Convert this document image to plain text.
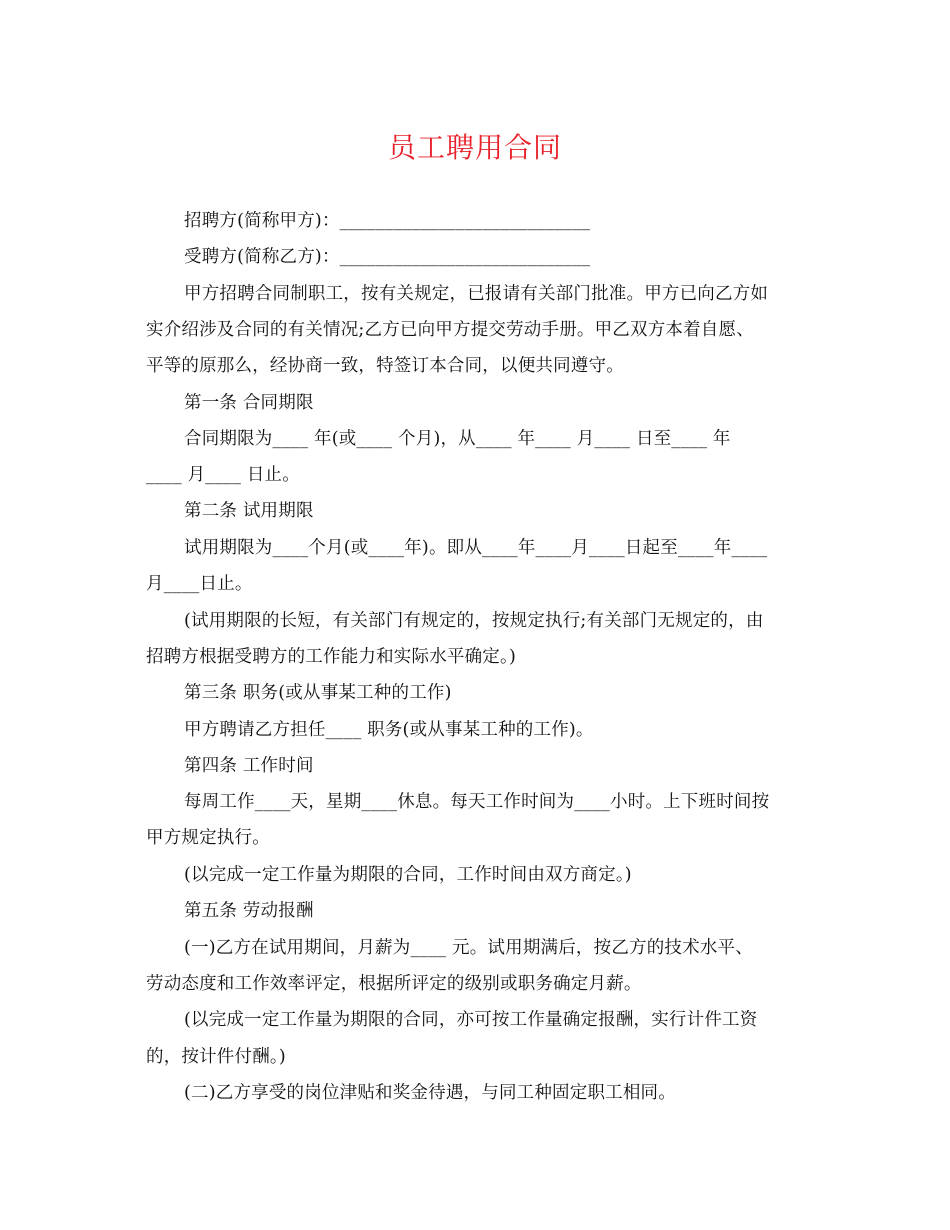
员工聘用合同
招聘方(简称甲方)：____________________________
受聘方(简称乙方)：____________________________
甲方招聘合同制职工，按有关规定，已报请有关部门批准。甲方已向乙方如
实介绍涉及合同的有关情况;乙方已向甲方提交劳动手册。甲乙双方本着自愿、
平等的原那么，经协商一致，特签订本合同，以便共同遵守。
第一条 合同期限
合同期限为____ 年(或____ 个月)，从____ 年____ 月____ 日至____ 年
____ 月____ 日止。
第二条 试用期限
试用期限为____个月(或____年)。即从____年____月____日起至____年____
月____日止。
(试用期限的长短，有关部门有规定的，按规定执行;有关部门无规定的，由
招聘方根据受聘方的工作能力和实际水平确定。)
第三条 职务(或从事某工种的工作)
甲方聘请乙方担任____ 职务(或从事某工种的工作)。
第四条 工作时间
每周工作____天，星期____休息。每天工作时间为____小时。上下班时间按
甲方规定执行。
(以完成一定工作量为期限的合同，工作时间由双方商定。)
第五条 劳动报酬
(一)乙方在试用期间，月薪为____ 元。试用期满后，按乙方的技术水平、
劳动态度和工作效率评定，根据所评定的级别或职务确定月薪。
(以完成一定工作量为期限的合同，亦可按工作量确定报酬，实行计件工资
的，按计件付酬。)
(二)乙方享受的岗位津贴和奖金待遇，与同工种固定职工相同。
